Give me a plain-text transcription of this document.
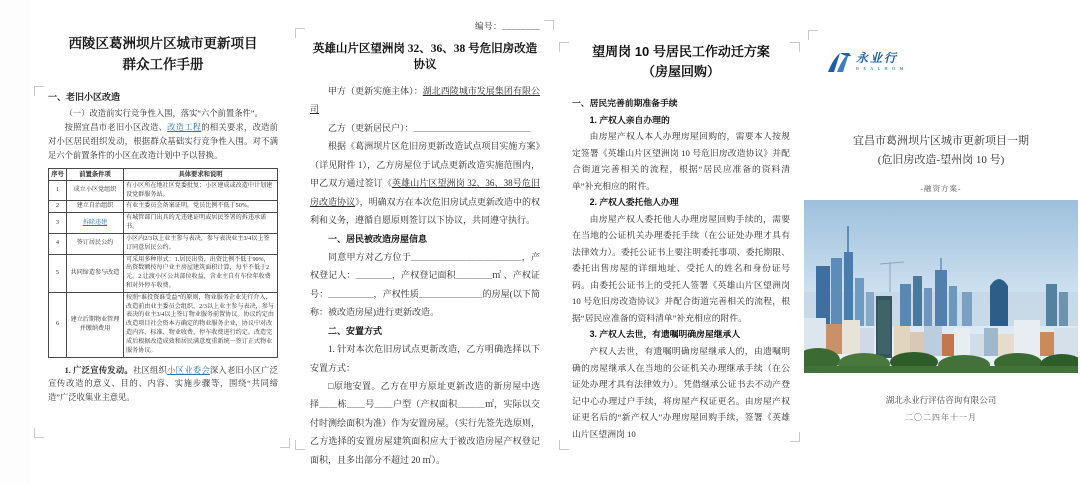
西陵区葛洲坝片区城市更新项目
群众工作手册
一、老旧小区改造
（一）改造前实行竞争性入围，落实“六个前置条件”。
按照宜昌市老旧小区改造、改造工程的相关要求，改造前对小区居民组织发动，根据群众基础实行竞争性入围。对不满足六个前置条件的小区在改造计划中予以替换。
序号	前置条件项	具体要求和说明
1	成立小区党组织	有小区所在地社区党委批复；小区建成或改造中计划建设党群服务站。
2	建立自治组织	有业主委员会备案证明，党员比例不低于50%。
3	拆除违建	有城管部门出具的无违建证明或居民签署的拆违承诺书。
4	签订居民公约	小区内2/3以上业主参与表决，参与表决业主3/4以上签订同意居民公约。
5	共同缔造参与改造	可采用多种形式：1.居民出资，出资比例不低于90%，出资数额按每户业主房屋建筑面积计算，每平不低于2元。2.让渡小区公共部位收益，含业主自有车位年收费和对外停车收费。
6	建立后期物业管理并缴纳费用	按照“谁投资谁受益”的原则，物业服务企业先行介入，改造前由业主委员会组织，2/3以上业主参与表决，参与表决的业主3/4以上签订物业服务前置协议。协议约定由改造项目社会资本方确定的物业服务企业，协议中对改造内容、标准、物业收费、停车收费进行约定。改造完成后根据改造成效和居民满意度重新统一签订正式物业服务协议。
1. 广泛宣传发动。社区组织小区业委会深入老旧小区广泛宣传改造的意义、目的、内容、实施步骤等，围绕“共同缔造”广泛收集业主意见。
编号：________
英雄山片区望洲岗 32、36、38 号危旧房改造协议

甲方（更新实施主体）：湖北西陵城市发展集团有限公司

乙方（更新居民户）：＿＿＿＿＿＿＿＿＿＿＿＿＿

根据《葛洲坝片区危旧房更新改造试点项目实施方案》（详见附件 1），乙方房屋位于试点更新改造实施范围内，甲乙双方通过签订《英雄山片区望洲岗 32、36、38号危旧房改造协议》，明确双方在本次危旧房试点更新改造中的权利和义务，遵循自愿原则签订以下协议，共同遵守执行。

一、居民被改造房屋信息

同意甲方对乙方位于＿＿＿＿＿＿＿＿＿＿＿＿，产权登记人：＿＿＿＿，产权登记面积＿＿＿＿㎡ 、产权证号：＿＿＿＿＿，产权性质＿＿＿＿＿＿＿的房屋(以下简称：被改造房屋)进行更新改造。

二、安置方式

1. 针对本次危旧房试点更新改造，乙方明确选择以下安置方式：

□原地安置。乙方在甲方原址更新改造的新房屋中选择＿＿栋＿＿号＿＿户型（产权面积＿＿＿㎡，实际以交付时测绘面积为准）作为安置房屋。（实行先签先选原则，乙方选择的安置房屋建筑面积应大于被改造房屋产权登记面积，且多出部分不超过 20 ㎡）。

望周岗 10 号居民工作动迁方案
（房屋回购）

一、居民完善前期准备手续

1. 产权人亲自办理的

由房屋产权人本人办理房屋回购的，需要本人按规定签署《英雄山片区望洲岗 10 号危旧房改造协议》并配合街道完善相关的流程，根据“居民应准备的资料清单”补充相应的附件。

2. 产权人委托他人办理

由房屋产权人委托他人办理房屋回购手续的，需要在当地的公证机关办理委托手续（在公证处办理才具有法律效力）。委托公证书上要注明委托事项、委托期限、委托出售房屋的详细地址、受托人的姓名和身份证号码。由委托公证书上的受托人签署《英雄山片区望洲岗 10 号危旧房改造协议》并配合街道完善相关的流程，根据“居民应准备的资料清单”补充相应的附件。

3. 产权人去世，有遗嘱明确房屋继承人

产权人去世，有遗嘱明确房屋继承人的，由遗嘱明确的房屋继承人在当地的公证机关办理继承手续（在公证处办理才具有法律效力）。凭借继承公证书去不动产登记中心办理过户手续，将房屋产权证更名。由房屋产权证更名后的“新产权人”办理房屋回购手续，签署《英雄山片区望洲岗 10

永业行
R E A L H O M
宜昌市葛洲坝片区城市更新项目一期
(危旧房改造-望州岗 10 号)
-融资方案-
湖北永业行评估咨询有限公司
二〇二四年十一月
